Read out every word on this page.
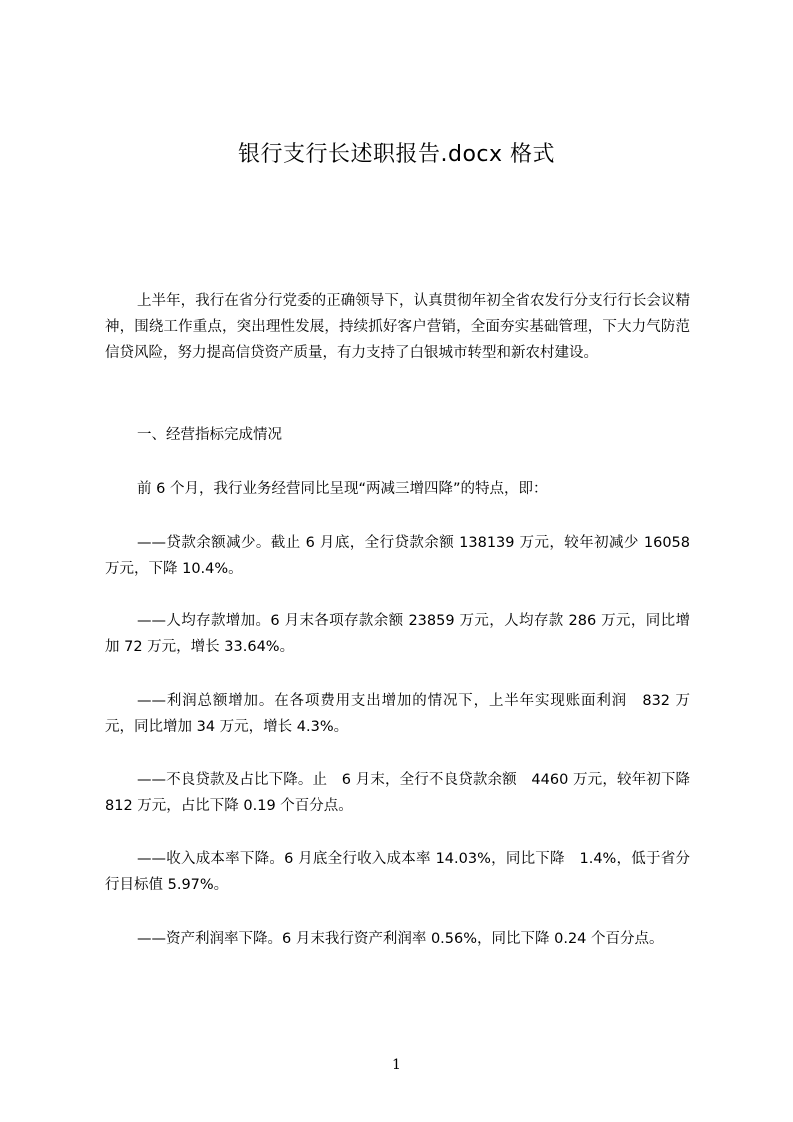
银行支行长述职报告.docx 格式

上半年，我行在省分行党委的正确领导下，认真贯彻年初全省农发行分支行行长会议精神，围绕工作重点，突出理性发展，持续抓好客户营销，全面夯实基础管理，下大力气防范信贷风险，努力提高信贷资产质量，有力支持了白银城市转型和新农村建设。

一、经营指标完成情况

前 6 个月，我行业务经营同比呈现“两减三增四降”的特点，即：

——贷款余额减少。截止 6 月底，全行贷款余额 138139 万元，较年初减少 16058 万元，下降 10.4%。

——人均存款增加。6 月末各项存款余额 23859 万元，人均存款 286 万元，同比增加 72 万元，增长 33.64%。

——利润总额增加。在各项费用支出增加的情况下，上半年实现账面利润　832 万元，同比增加 34 万元，增长 4.3%。

——不良贷款及占比下降。止　6 月末，全行不良贷款余额　4460 万元，较年初下降 812 万元，占比下降 0.19 个百分点。

——收入成本率下降。6 月底全行收入成本率 14.03%，同比下降　1.4%，低于省分行目标值 5.97%。

——资产利润率下降。6 月末我行资产利润率 0.56%，同比下降 0.24 个百分点。

1
